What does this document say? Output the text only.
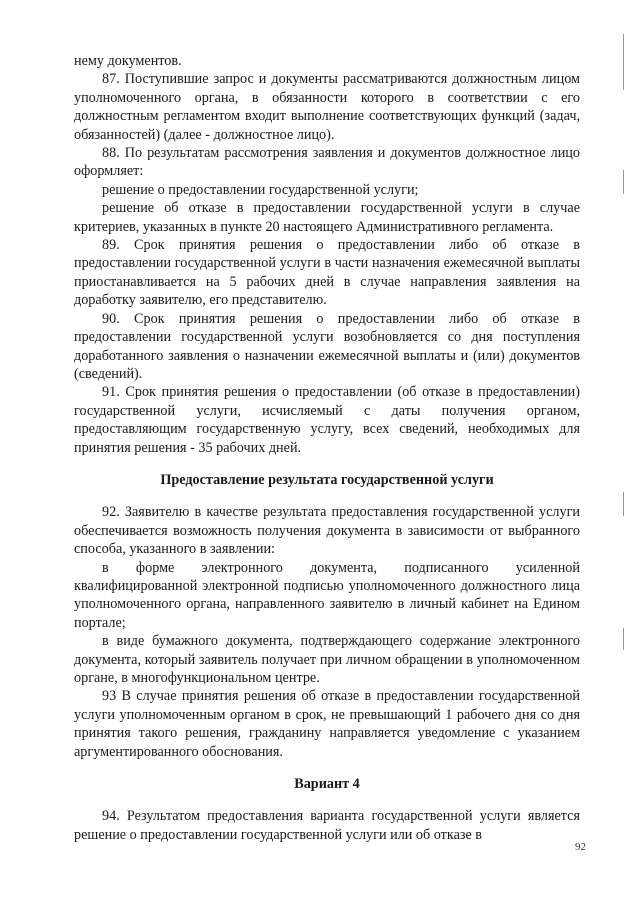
нему документов.

87. Поступившие запрос и документы рассматриваются должностным лицом уполномоченного органа, в обязанности которого в соответствии с его должностным регламентом входит выполнение соответствующих функций (задач, обязанностей) (далее - должностное лицо).

88. По результатам рассмотрения заявления и документов должностное лицо оформляет:

решение о предоставлении государственной услуги;

решение об отказе в предоставлении государственной услуги в случае критериев, указанных в пункте 20 настоящего Административного регламента.

89. Срок принятия решения о предоставлении либо об отказе в предоставлении государственной услуги в части назначения ежемесячной выплаты приостанавливается на 5 рабочих дней в случае направления заявления на доработку заявителю, его представителю.

90. Срок принятия решения о предоставлении либо об отказе в предоставлении государственной услуги возобновляется со дня поступления доработанного заявления о назначении ежемесячной выплаты и (или) документов (сведений).

91. Срок принятия решения о предоставлении (об отказе в предоставлении) государственной услуги, исчисляемый с даты получения органом, предоставляющим государственную услугу, всех сведений, необходимых для принятия решения - 35 рабочих дней.

Предоставление результата государственной услуги

92. Заявителю в качестве результата предоставления государственной услуги обеспечивается возможность получения документа в зависимости от выбранного способа, указанного в заявлении:

в форме электронного документа, подписанного усиленной квалифицированной электронной подписью уполномоченного должностного лица уполномоченного органа, направленного заявителю в личный кабинет на Едином портале;

в виде бумажного документа, подтверждающего содержание электронного документа, который заявитель получает при личном обращении в уполномоченном органе, в многофункциональном центре.

93 В случае принятия решения об отказе в предоставлении государственной услуги уполномоченным органом в срок, не превышающий 1 рабочего дня со дня принятия такого решения, гражданину направляется уведомление с указанием аргументированного обоснования.

Вариант 4

94. Результатом предоставления варианта государственной услуги является решение о предоставлении государственной услуги или об отказе в

92
